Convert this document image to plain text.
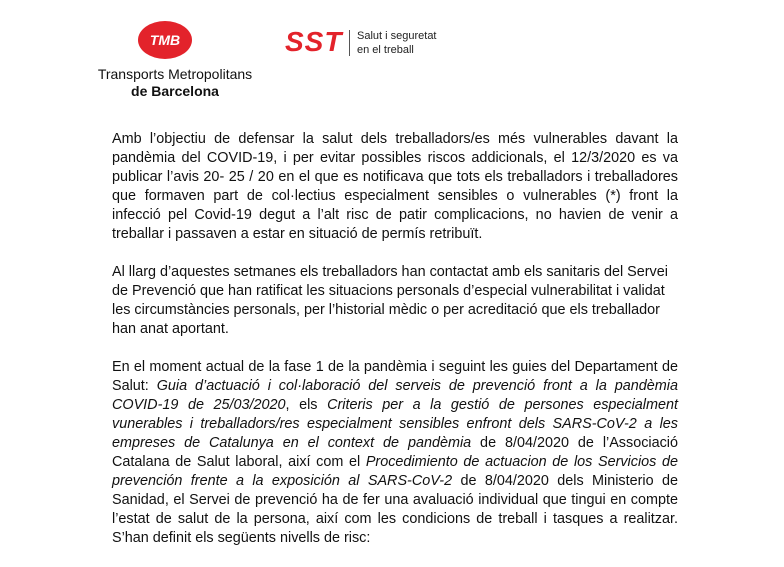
TMB
Transports Metropolitans
de Barcelona
SST Salut i seguretat
en el treball

Amb l’objectiu de defensar la salut dels treballadors/es més vulnerables davant la pandèmia del COVID-19, i per evitar possibles riscos addicionals, el 12/3/2020 es va publicar l’avis 20- 25 / 20 en el que es notificava que tots els treballadors i treballadores que formaven part de col·lectius especialment sensibles o vulnerables (*) front la infecció pel Covid-19 degut a l’alt risc de patir complicacions, no havien de venir a treballar i passaven a estar en situació de permís retribuït.

Al llarg d’aquestes setmanes els treballadors han contactat amb els sanitaris del Servei de Prevenció que han ratificat les situacions personals d’especial vulnerabilitat i validat les circumstàncies personals, per l’historial mèdic o per acreditació que els treballador han anat aportant.

En el moment actual de la fase 1 de la pandèmia i seguint les guies del Departament de Salut: Guia d’actuació i col·laboració del serveis de prevenció front a la pandèmia COVID-19 de 25/03/2020, els Criteris per a la gestió de persones especialment vunerables i treballadors/res especialment sensibles enfront dels SARS-CoV-2 a les empreses de Catalunya en el context de pandèmia de 8/04/2020 de l’Associació Catalana de Salut laboral, així com el Procedimiento de actuacion de los Servicios de prevención frente a la exposición al SARS-CoV-2 de 8/04/2020 dels Ministerio de Sanidad, el Servei de prevenció ha de fer una avaluació individual que tingui en compte l’estat de salut de la persona, així com les condicions de treball i tasques a realitzar. S’han definit els següents nivells de risc:
